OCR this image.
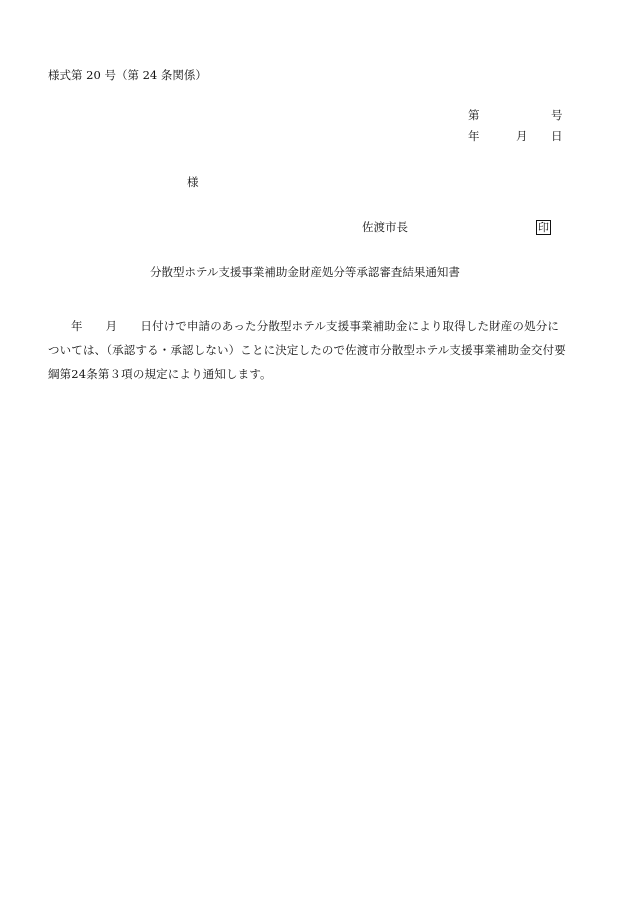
様式第 20 号（第 24 条関係）
第	号
年	月 日
様
佐渡市長	印
分散型ホテル支援事業補助金財産処分等承認審査結果通知書
年 月 日付けで申請のあった分散型ホテル支援事業補助金により取得した財産の処分に
ついては、（承認する・承認しない）ことに決定したので佐渡市分散型ホテル支援事業補助金交付要
綱第24条第３項の規定により通知します。
